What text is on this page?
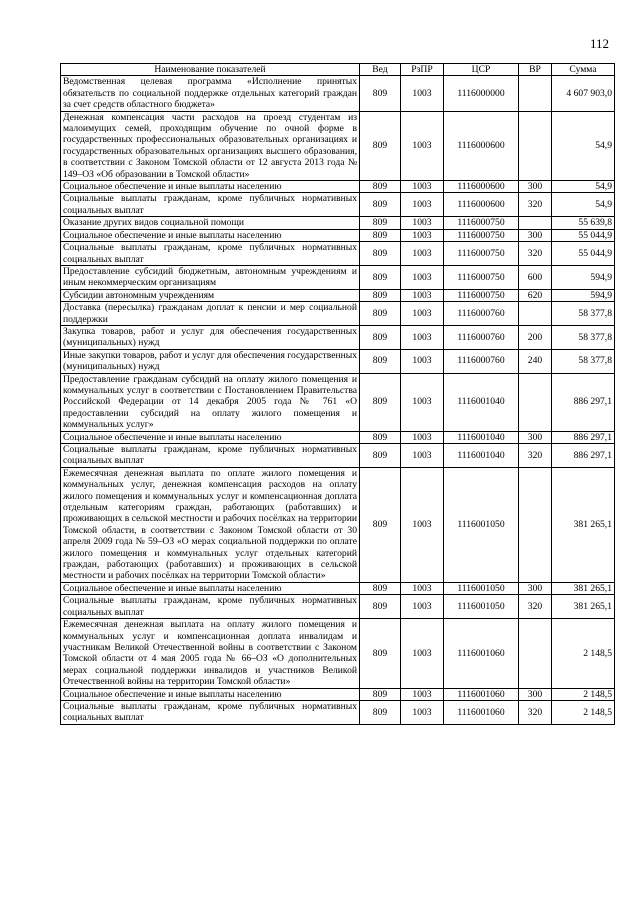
112
Наименование показателей	Вед	РзПР	ЦСР	ВР	Сумма
Ведомственная целевая программа «Исполнение принятых обязательств по социальной поддержке отдельных категорий граждан за счет средств областного бюджета»	809	1003	1116000000		4 607 903,0
Денежная компенсация части расходов на проезд студентам из малоимущих семей, проходящим обучение по очной форме в государственных профессиональных образовательных организациях и государственных образовательных организациях высшего образования, в соответствии с Законом Томской области от 12 августа 2013 года № 149–ОЗ «Об образовании в Томской области»	809	1003	1116000600		54,9
Социальное обеспечение и иные выплаты населению	809	1003	1116000600	300	54,9
Социальные выплаты гражданам, кроме публичных нормативных социальных выплат	809	1003	1116000600	320	54,9
Оказание других видов социальной помощи	809	1003	1116000750		55 639,8
Социальное обеспечение и иные выплаты населению	809	1003	1116000750	300	55 044,9
Социальные выплаты гражданам, кроме публичных нормативных социальных выплат	809	1003	1116000750	320	55 044,9
Предоставление субсидий бюджетным, автономным учреждениям и иным некоммерческим организациям	809	1003	1116000750	600	594,9
Субсидии автономным учреждениям	809	1003	1116000750	620	594,9
Доставка (пересылка) гражданам доплат к пенсии и мер социальной поддержки	809	1003	1116000760		58 377,8
Закупка товаров, работ и услуг для обеспечения государственных (муниципальных) нужд	809	1003	1116000760	200	58 377,8
Иные закупки товаров, работ и услуг для обеспечения государственных (муниципальных) нужд	809	1003	1116000760	240	58 377,8
Предоставление гражданам субсидий на оплату жилого помещения и коммунальных услуг в соответствии с Постановлением Правительства Российской Федерации от 14 декабря 2005 года № 761 «О предоставлении субсидий на оплату жилого помещения и коммунальных услуг»	809	1003	1116001040		886 297,1
Социальное обеспечение и иные выплаты населению	809	1003	1116001040	300	886 297,1
Социальные выплаты гражданам, кроме публичных нормативных социальных выплат	809	1003	1116001040	320	886 297,1
Ежемесячная денежная выплата по оплате жилого помещения и коммунальных услуг, денежная компенсация расходов на оплату жилого помещения и коммунальных услуг и компенсационная доплата отдельным категориям граждан, работающих (работавших) и проживающих в сельской местности и рабочих посёлках на территории Томской области, в соответствии с Законом Томской области от 30 апреля 2009 года № 59–ОЗ «О мерах социальной поддержки по оплате жилого помещения и коммунальных услуг отдельных категорий граждан, работающих (работавших) и проживающих в сельской местности и рабочих посёлках на территории Томской области»	809	1003	1116001050		381 265,1
Социальное обеспечение и иные выплаты населению	809	1003	1116001050	300	381 265,1
Социальные выплаты гражданам, кроме публичных нормативных социальных выплат	809	1003	1116001050	320	381 265,1
Ежемесячная денежная выплата на оплату жилого помещения и коммунальных услуг и компенсационная доплата инвалидам и участникам Великой Отечественной войны в соответствии с Законом Томской области от 4 мая 2005 года № 66–ОЗ «О дополнительных мерах социальной поддержки инвалидов и участников Великой Отечественной войны на территории Томской области»	809	1003	1116001060		2 148,5
Социальное обеспечение и иные выплаты населению	809	1003	1116001060	300	2 148,5
Социальные выплаты гражданам, кроме публичных нормативных социальных выплат	809	1003	1116001060	320	2 148,5
